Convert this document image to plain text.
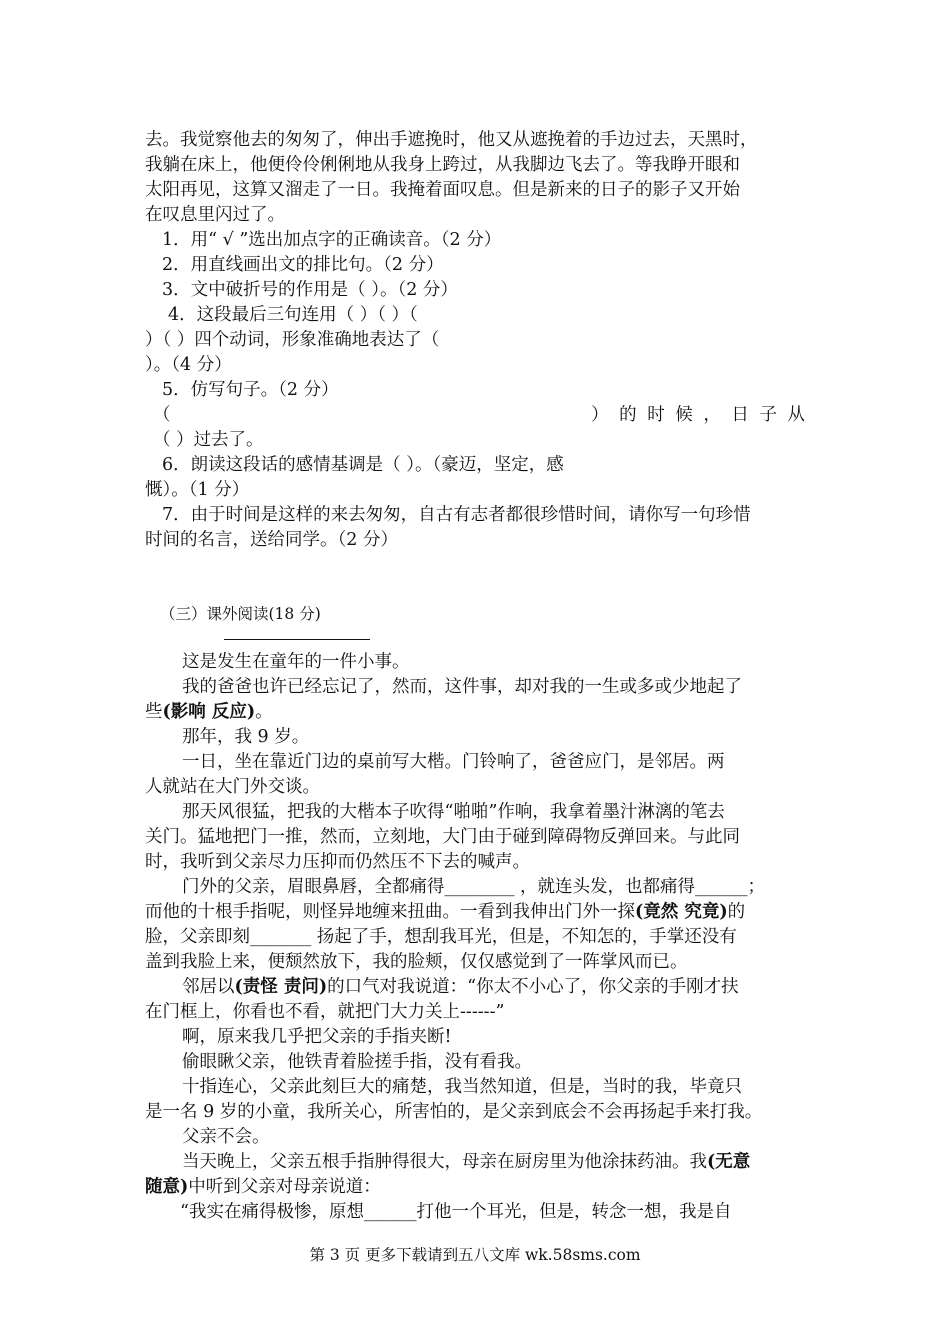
去。我觉察他去的匆匆了，伸出手遮挽时，他又从遮挽着的手边过去，天黑时，
我躺在床上，他便伶伶俐俐地从我身上跨过，从我脚边飞去了。等我睁开眼和
太阳再见，这算又溜走了一日。我掩着面叹息。但是新来的日子的影子又开始
在叹息里闪过了。
1．用“ √ ”选出加点字的正确读音。（2 分）
2．用直线画出文的排比句。（2 分）
3．文中破折号的作用是（ ）。（2 分）
4．这段最后三句连用（ ）（ ）（
）（ ）四个动词，形象准确地表达了（
）。（4 分）
5．仿写句子。（2 分）
（	） 的 时 候 ， 日 子 从
（ ）过去了。
6．朗读这段话的感情基调是（ ）。（豪迈，坚定，感
慨）。（1 分）
7．由于时间是这样的来去匆匆，自古有志者都很珍惜时间，请你写一句珍惜
时间的名言，送给同学。（2 分）
（三）课外阅读(18 分)
这是发生在童年的一件小事。
我的爸爸也许已经忘记了，然而，这件事，却对我的一生或多或少地起了
些(影响 反应)。
那年，我 9 岁。
一日，坐在靠近门边的桌前写大楷。门铃响了，爸爸应门，是邻居。两
人就站在大门外交谈。
那天风很猛，把我的大楷本子吹得“啪啪”作响，我拿着墨汁淋漓的笔去
关门。猛地把门一推，然而，立刻地，大门由于碰到障碍物反弹回来。与此同
时，我听到父亲尽力压抑而仍然压不下去的喊声。
门外的父亲，眉眼鼻唇，全都痛得________ ，就连头发，也都痛得______；
而他的十根手指呢，则怪异地缠来扭曲。一看到我伸出门外一探(竟然 究竟)的
脸，父亲即刻_______ 扬起了手，想刮我耳光，但是，不知怎的，手掌还没有
盖到我脸上来，便颓然放下，我的脸颊，仅仅感觉到了一阵掌风而已。
邻居以(责怪 责问)的口气对我说道：“你太不小心了，你父亲的手刚才扶
在门框上，你看也不看，就把门大力关上------”
啊，原来我几乎把父亲的手指夹断!
偷眼瞅父亲，他铁青着脸搓手指，没有看我。
十指连心，父亲此刻巨大的痛楚，我当然知道，但是，当时的我，毕竟只
是一名 9 岁的小童，我所关心，所害怕的，是父亲到底会不会再扬起手来打我。
父亲不会。
当天晚上，父亲五根手指肿得很大，母亲在厨房里为他涂抹药油。我(无意
随意)中听到父亲对母亲说道：
“我实在痛得极惨，原想______打他一个耳光，但是，转念一想，我是自
第 3 页 更多下载请到五八文库 wk.58sms.com
